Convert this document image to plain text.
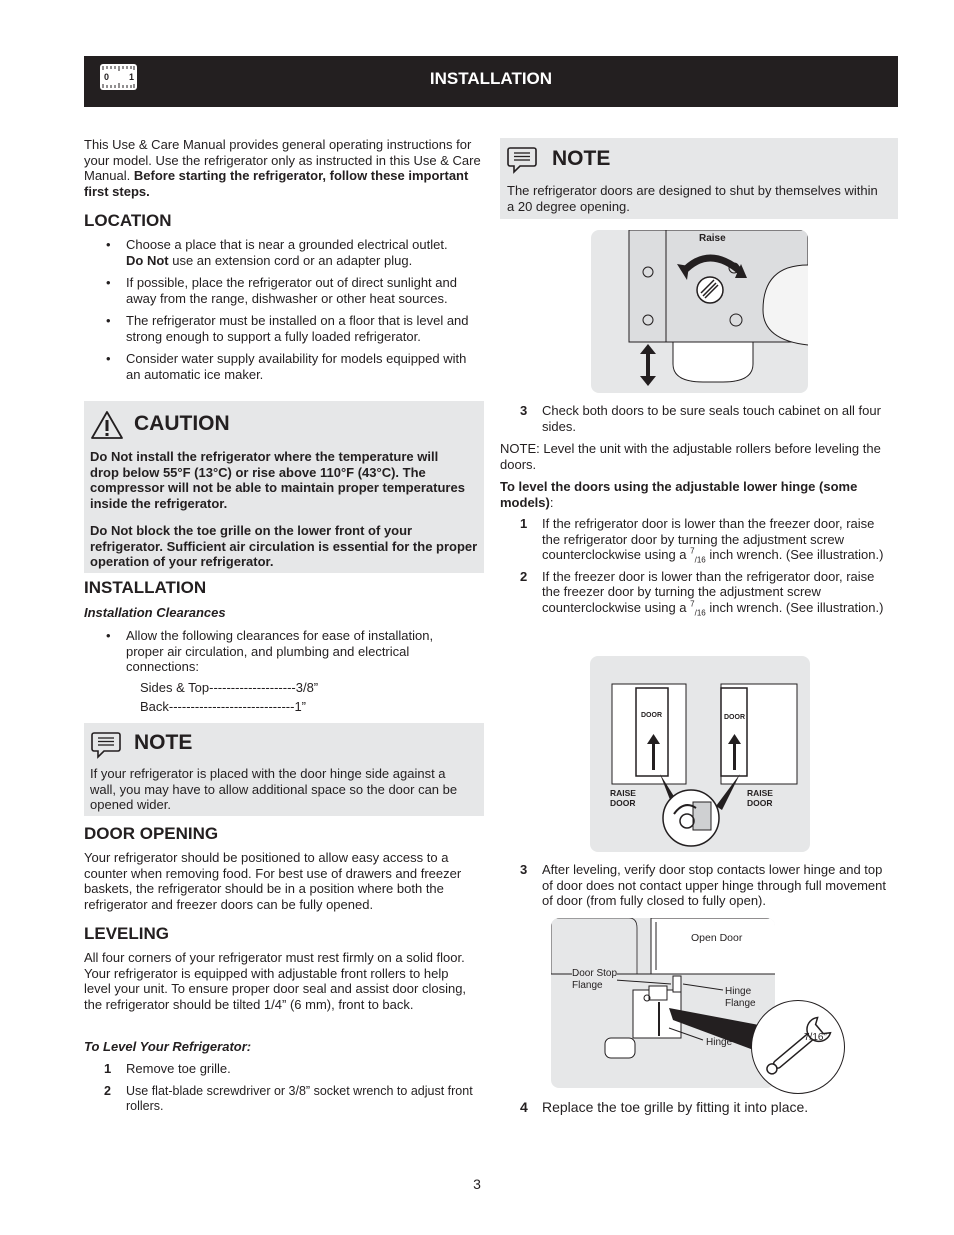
0 1	INSTALLATION

This Use & Care Manual provides general operating instructions for your model. Use the refrigerator only as instructed in this Use & Care Manual. Before starting the refrigerator, follow these important first steps.

LOCATION

• Choose a place that is near a grounded electrical outlet.
Do Not use an extension cord or an adapter plug.

• If possible, place the refrigerator out of direct sunlight and away from the range, dishwasher or other heat sources.

• The refrigerator must be installed on a floor that is level and strong enough to support a fully loaded refrigerator.

• Consider water supply availability for models equipped with an automatic ice maker.

CAUTION

Do Not install the refrigerator where the temperature will drop below 55°F (13°C) or rise above 110°F (43°C). The compressor will not be able to maintain proper temperatures inside the refrigerator.

Do Not block the toe grille on the lower front of your refrigerator. Sufficient air circulation is essential for the proper operation of your refrigerator.

INSTALLATION
Installation Clearances

• Allow the following clearances for ease of installation, proper air circulation, and plumbing and electrical connections:

Sides & Top--------------------3/8”

Back-----------------------------1”

NOTE

If your refrigerator is placed with the door hinge side against a wall, you may have to allow additional space so the door can be opened wider.

DOOR OPENING

Your refrigerator should be positioned to allow easy access to a counter when removing food. For best use of drawers and freezer baskets, the refrigerator should be in a position where both the refrigerator and freezer doors can be fully opened.

LEVELING

All four corners of your refrigerator must rest firmly on a solid floor. Your refrigerator is equipped with adjustable front rollers to help level your unit. To ensure proper door seal and assist door closing, the refrigerator should be tilted 1/4” (6 mm), front to back.

To Level Your Refrigerator:

1 Remove toe grille.

2 Use flat-blade screwdriver or 3/8” socket wrench to adjust front rollers.

NOTE

The refrigerator doors are designed to shut by themselves within a 20 degree opening.

Raise

3 Check both doors to be sure seals touch cabinet on all four sides.

NOTE: Level the unit with the adjustable rollers before leveling the doors.

To level the doors using the adjustable lower hinge (some models):

1 If the refrigerator door is lower than the freezer door, raise the refrigerator door by turning the adjustment screw counterclockwise using a $^7_{/16}$ inch wrench. (See illustration.)

2 If the freezer door is lower than the refrigerator door, raise the freezer door by turning the adjustment screw counterclockwise using a $^7_{/16}$ inch wrench. (See illustration.)

DOOR	DOOR
RAISE
DOOR
RAISE
DOOR

3 After leveling, verify door stop contacts lower hinge and top of door does not contact upper hinge through full movement of door (from fully closed to fully open).

Open Door
Door Stop
Flange
Hinge
Flange
Hinge	7/16”

4 Replace the toe grille by fitting it into place.

3
